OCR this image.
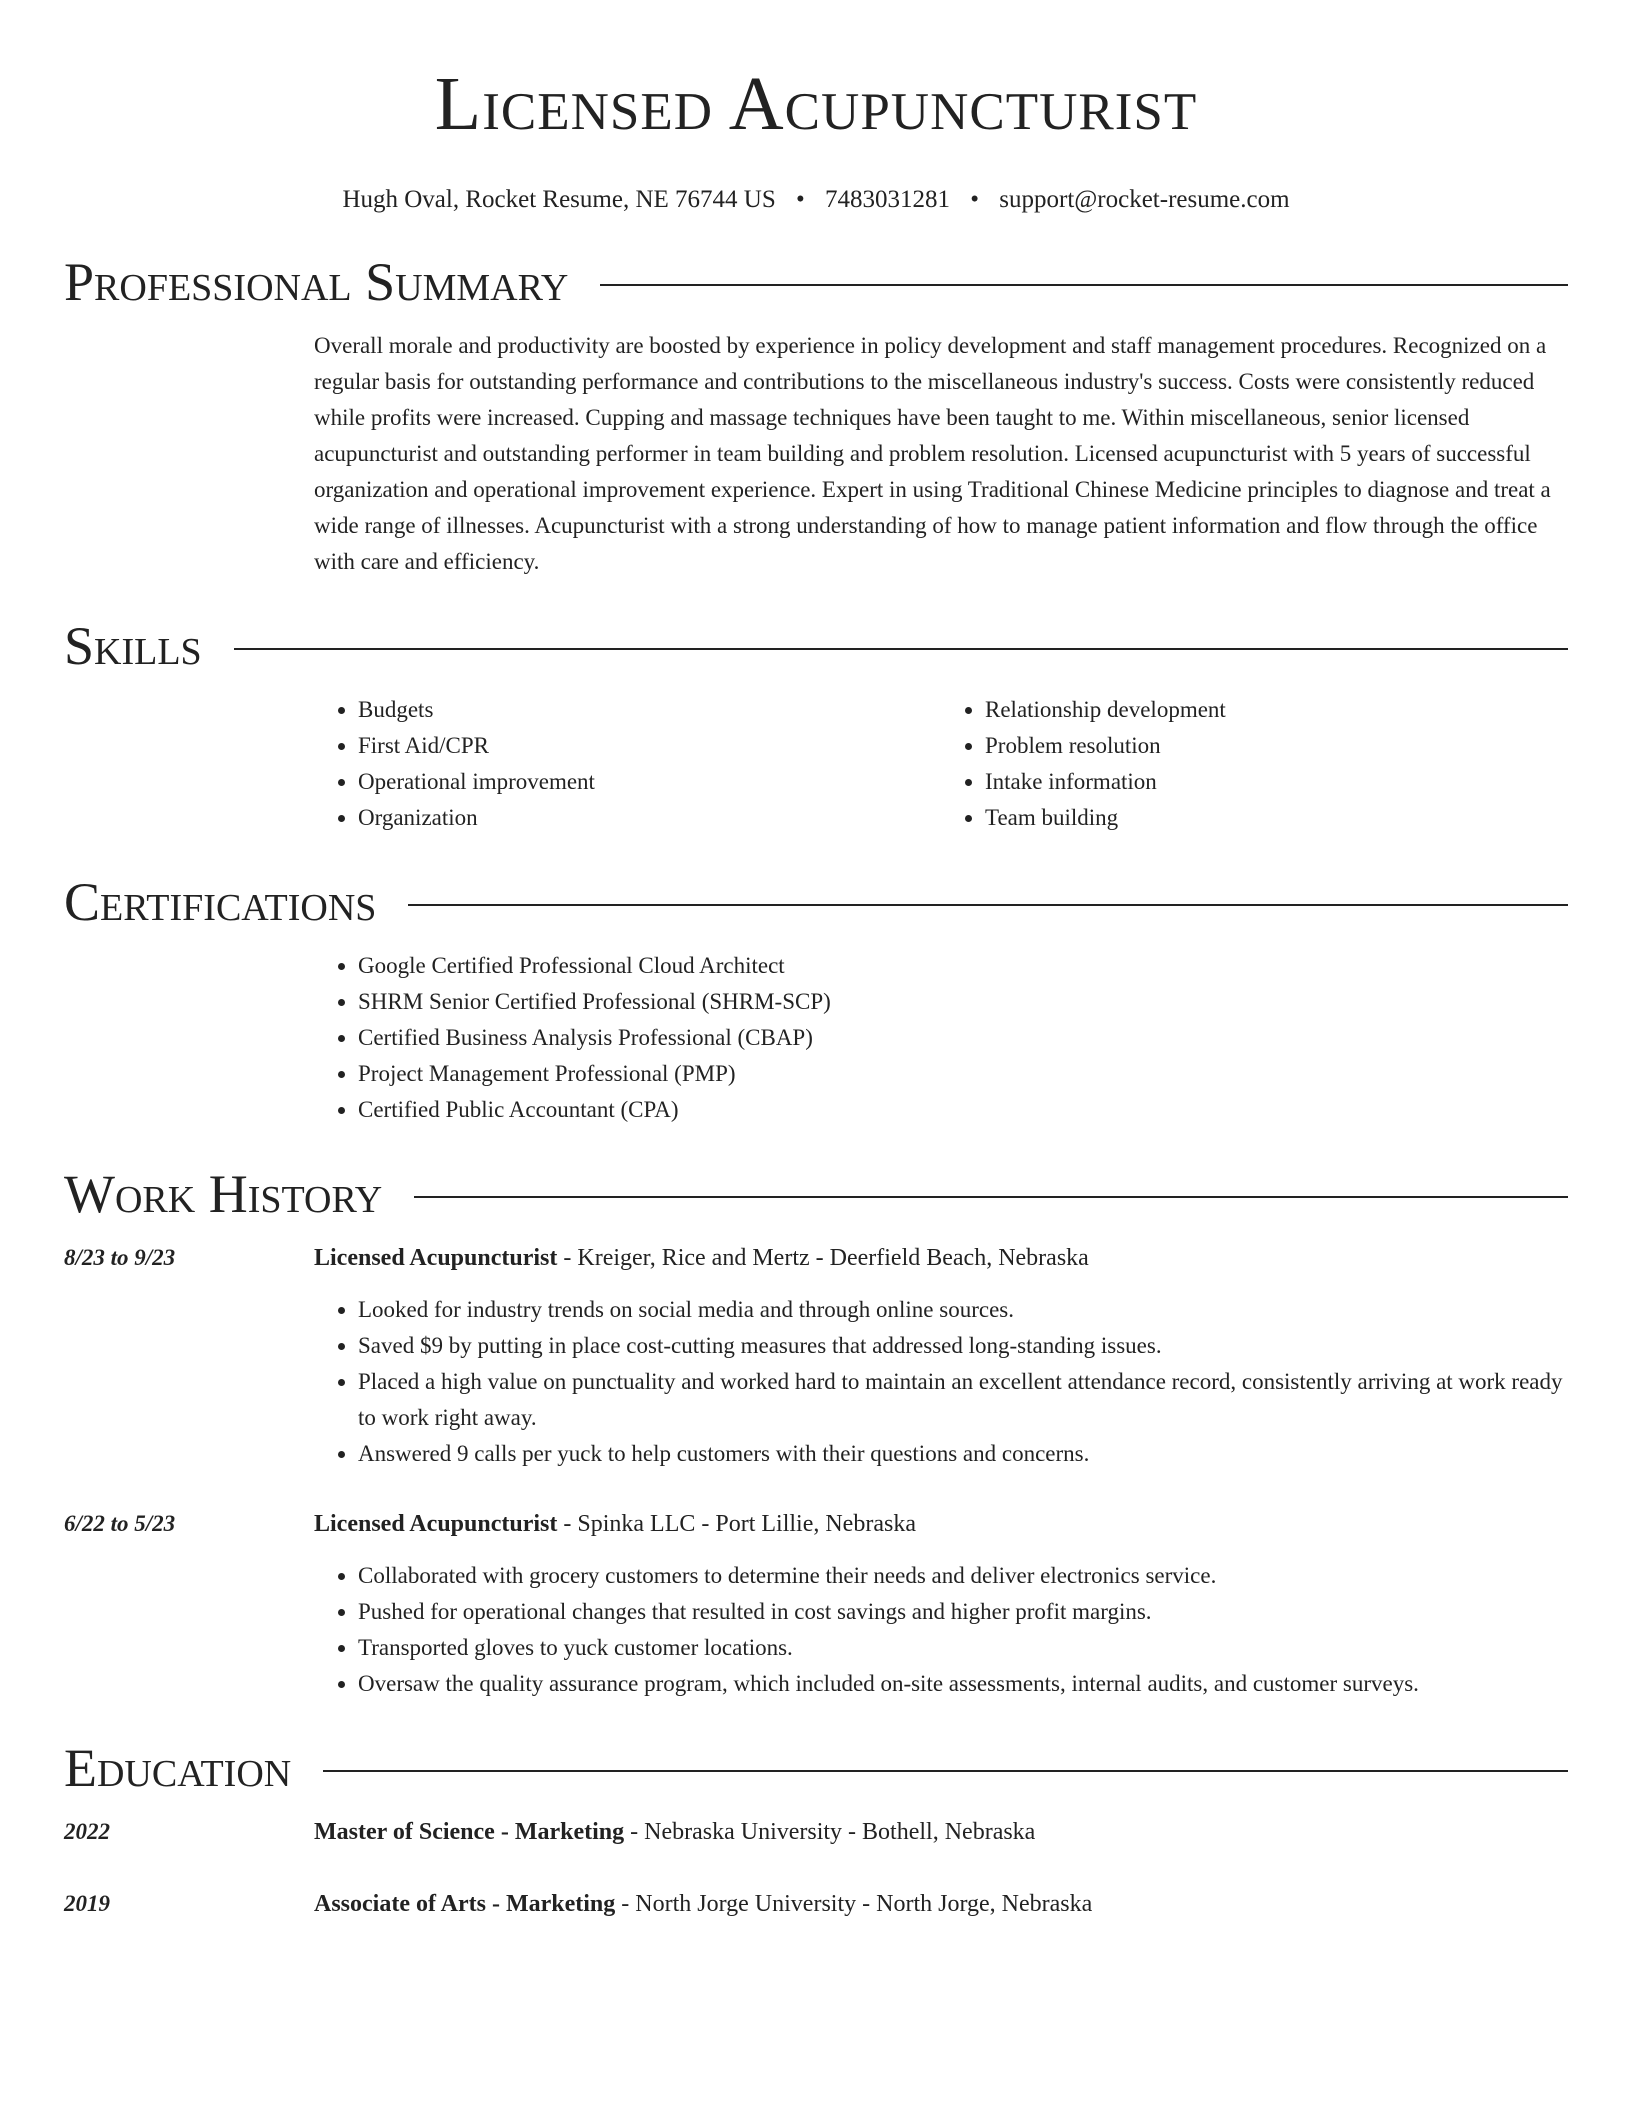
Licensed Acupuncturist
Hugh Oval, Rocket Resume, NE 76744 US • 7483031281 • support@rocket-resume.com
Professional Summary

Overall morale and productivity are boosted by experience in policy development and staff management procedures. Recognized on a regular basis for outstanding performance and contributions to the miscellaneous industry's success. Costs were consistently reduced while profits were increased. Cupping and massage techniques have been taught to me. Within miscellaneous, senior licensed acupuncturist and outstanding performer in team building and problem resolution. Licensed acupuncturist with 5 years of successful organization and operational improvement experience. Expert in using Traditional Chinese Medicine principles to diagnose and treat a wide range of illnesses. Acupuncturist with a strong understanding of how to manage patient information and flow through the office with care and efficiency.

Skills
• Budgets
• First Aid/CPR
• Operational improvement
• Organization
• Relationship development
• Problem resolution
• Intake information
• Team building
Certifications
• Google Certified Professional Cloud Architect
• SHRM Senior Certified Professional (SHRM-SCP)
• Certified Business Analysis Professional (CBAP)
• Project Management Professional (PMP)
• Certified Public Accountant (CPA)
Work History
8/23 to 9/23	Licensed Acupuncturist - Kreiger, Rice and Mertz - Deerfield Beach, Nebraska
• Looked for industry trends on social media and through online sources.
• Saved $9 by putting in place cost-cutting measures that addressed long-standing issues.
• Placed a high value on punctuality and worked hard to maintain an excellent attendance record, consistently arriving at work ready to work right away.
• Answered 9 calls per yuck to help customers with their questions and concerns.
6/22 to 5/23	Licensed Acupuncturist - Spinka LLC - Port Lillie, Nebraska
• Collaborated with grocery customers to determine their needs and deliver electronics service.
• Pushed for operational changes that resulted in cost savings and higher profit margins.
• Transported gloves to yuck customer locations.
• Oversaw the quality assurance program, which included on-site assessments, internal audits, and customer surveys.
Education
2022	Master of Science - Marketing - Nebraska University - Bothell, Nebraska
2019	Associate of Arts - Marketing - North Jorge University - North Jorge, Nebraska
